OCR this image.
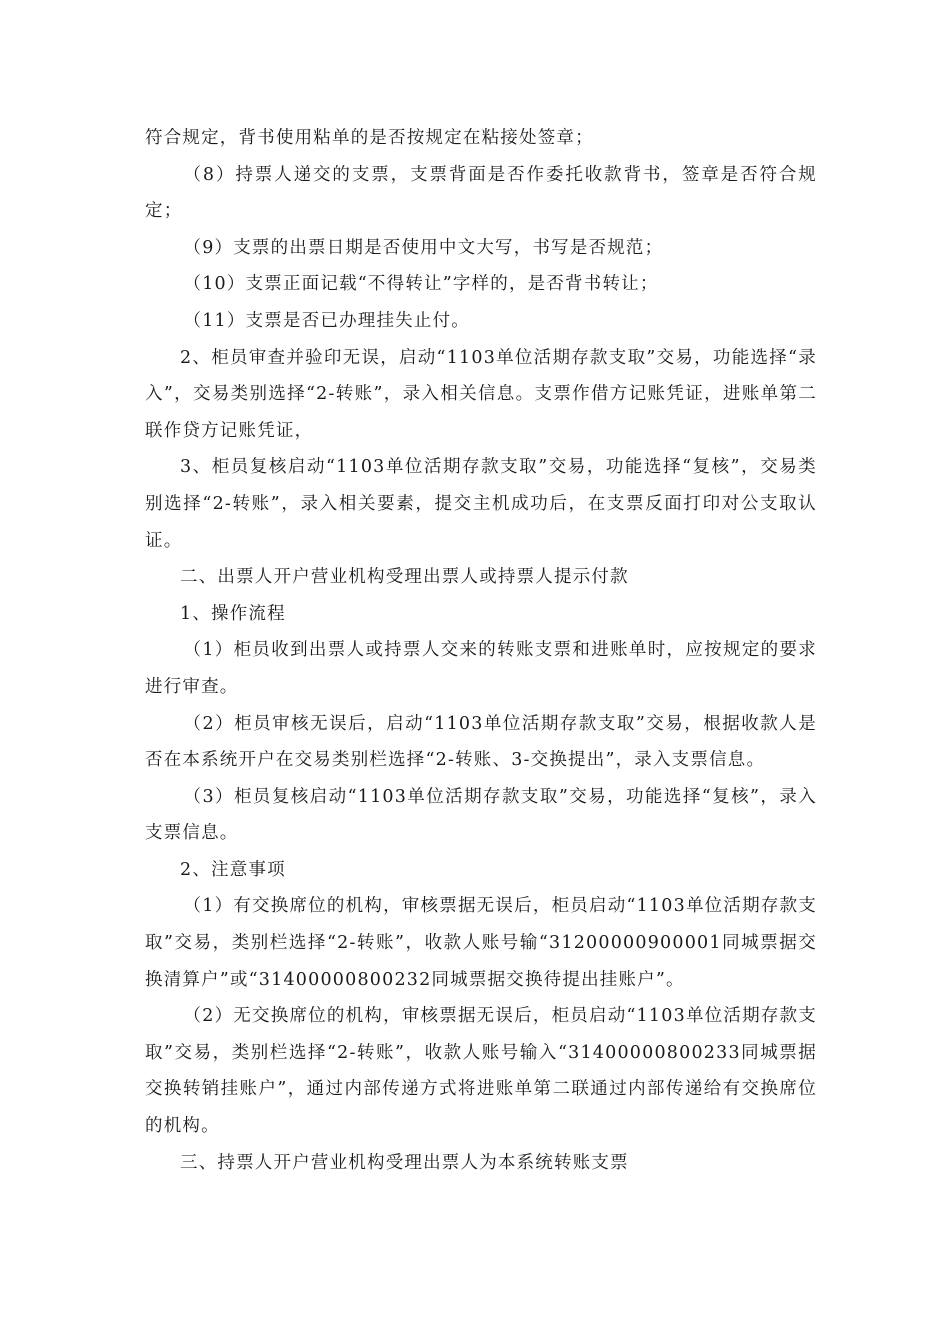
符合规定，背书使用粘单的是否按规定在粘接处签章；

（8）持票人递交的支票，支票背面是否作委托收款背书，签章是否符合规定；

（9）支票的出票日期是否使用中文大写，书写是否规范；

（10）支票正面记载“不得转让”字样的，是否背书转让；

（11）支票是否已办理挂失止付。

2、柜员审查并验印无误，启动“1103单位活期存款支取”交易，功能选择“录入”，交易类别选择“2-转账”，录入相关信息。支票作借方记账凭证，进账单第二联作贷方记账凭证，

3、柜员复核启动“1103单位活期存款支取”交易，功能选择“复核”，交易类别选择“2-转账”，录入相关要素，提交主机成功后，在支票反面打印对公支取认证。

二、出票人开户营业机构受理出票人或持票人提示付款

1、操作流程

（1）柜员收到出票人或持票人交来的转账支票和进账单时，应按规定的要求进行审查。

（2）柜员审核无误后，启动“1103单位活期存款支取”交易，根据收款人是否在本系统开户在交易类别栏选择“2-转账、3-交换提出”，录入支票信息。

（3）柜员复核启动“1103单位活期存款支取”交易，功能选择“复核”，录入支票信息。

2、注意事项

（1）有交换席位的机构，审核票据无误后，柜员启动“1103单位活期存款支取”交易，类别栏选择“2-转账”，收款人账号输“31200000900001同城票据交换清算户”或“31400000800232同城票据交换待提出挂账户”。

（2）无交换席位的机构，审核票据无误后，柜员启动“1103单位活期存款支取”交易，类别栏选择“2-转账”，收款人账号输入“31400000800233同城票据交换转销挂账户”，通过内部传递方式将进账单第二联通过内部传递给有交换席位的机构。

三、持票人开户营业机构受理出票人为本系统转账支票
